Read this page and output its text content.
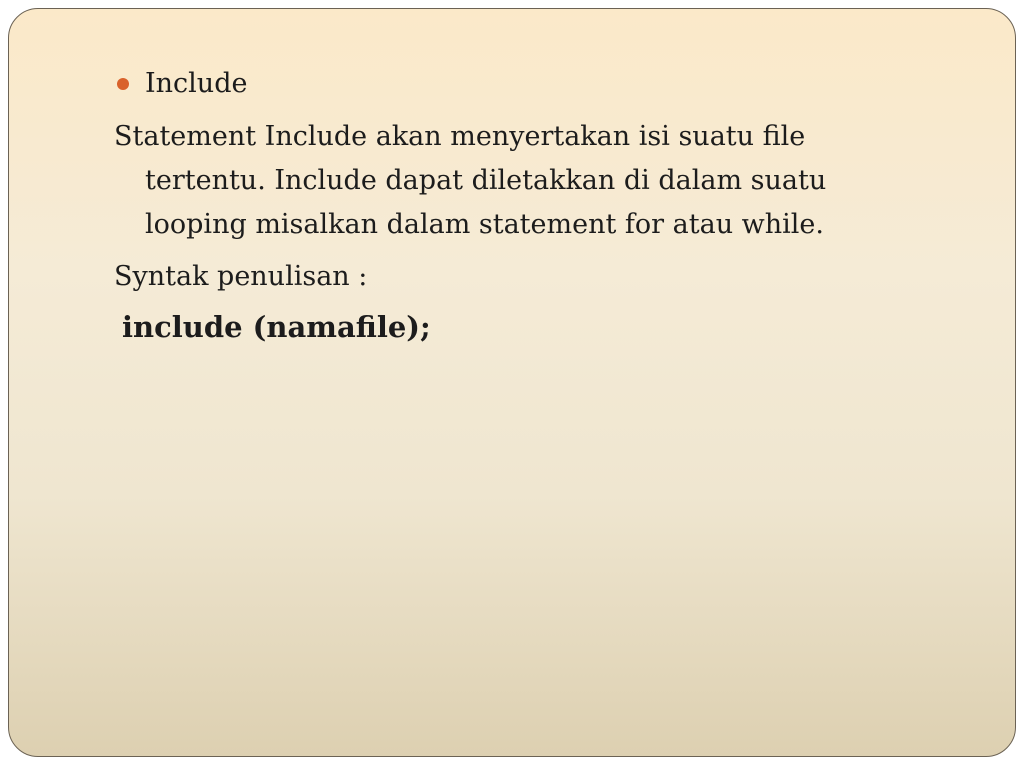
Include

Statement Include akan menyertakan isi suatu file tertentu. Include dapat diletakkan di dalam suatu looping misalkan dalam statement for atau while.

Syntak penulisan :

include (namafile);
